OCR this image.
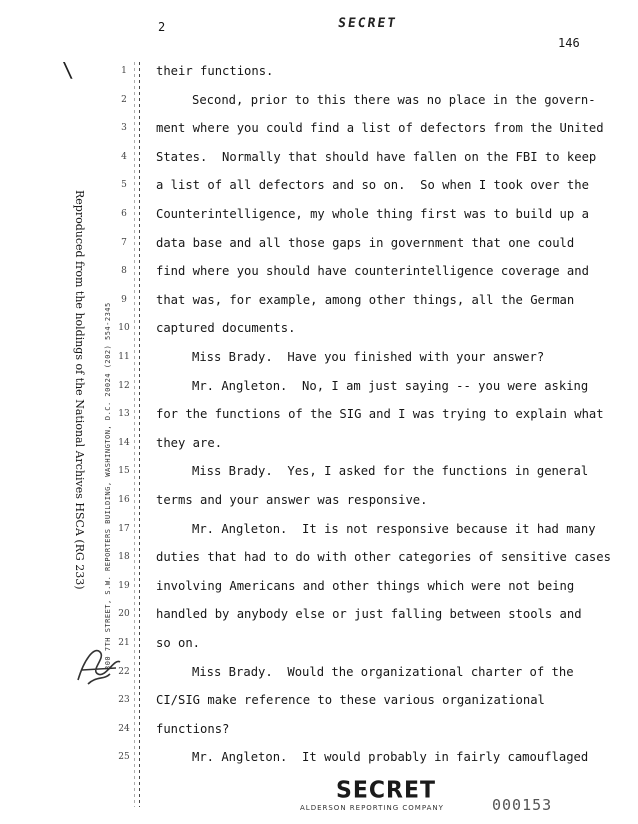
2	SECRET
146
\
Reproduced from the holdings of the National Archives HSCA (RG 233)	300 7TH STREET, S.W. REPORTERS BUILDING, WASHINGTON, D.C. 20024 (202) 554-2345
1	their functions.
2	Second, prior to this there was no place in the govern-
3	ment where you could find a list of defectors from the United
4	States.  Normally that should have fallen on the FBI to keep
5	a list of all defectors and so on.  So when I took over the
6	Counterintelligence, my whole thing first was to build up a
7	data base and all those gaps in government that one could
8	find where you should have counterintelligence coverage and
9	that was, for example, among other things, all the German
10	captured documents.
11	Miss Brady.  Have you finished with your answer?
12	Mr. Angleton.  No, I am just saying -- you were asking
13	for the functions of the SIG and I was trying to explain what
14	they are.
15	Miss Brady.  Yes, I asked for the functions in general
16	terms and your answer was responsive.
17	Mr. Angleton.  It is not responsive because it had many
18	duties that had to do with other categories of sensitive cases
19	involving Americans and other things which were not being
20	handled by anybody else or just falling between stools and
21	so on.
22	Miss Brady.  Would the organizational charter of the
23	CI/SIG make reference to these various organizational
24	functions?
25	Mr. Angleton.  It would probably in fairly camouflaged
SECRET
ALDERSON REPORTING COMPANY	000153
